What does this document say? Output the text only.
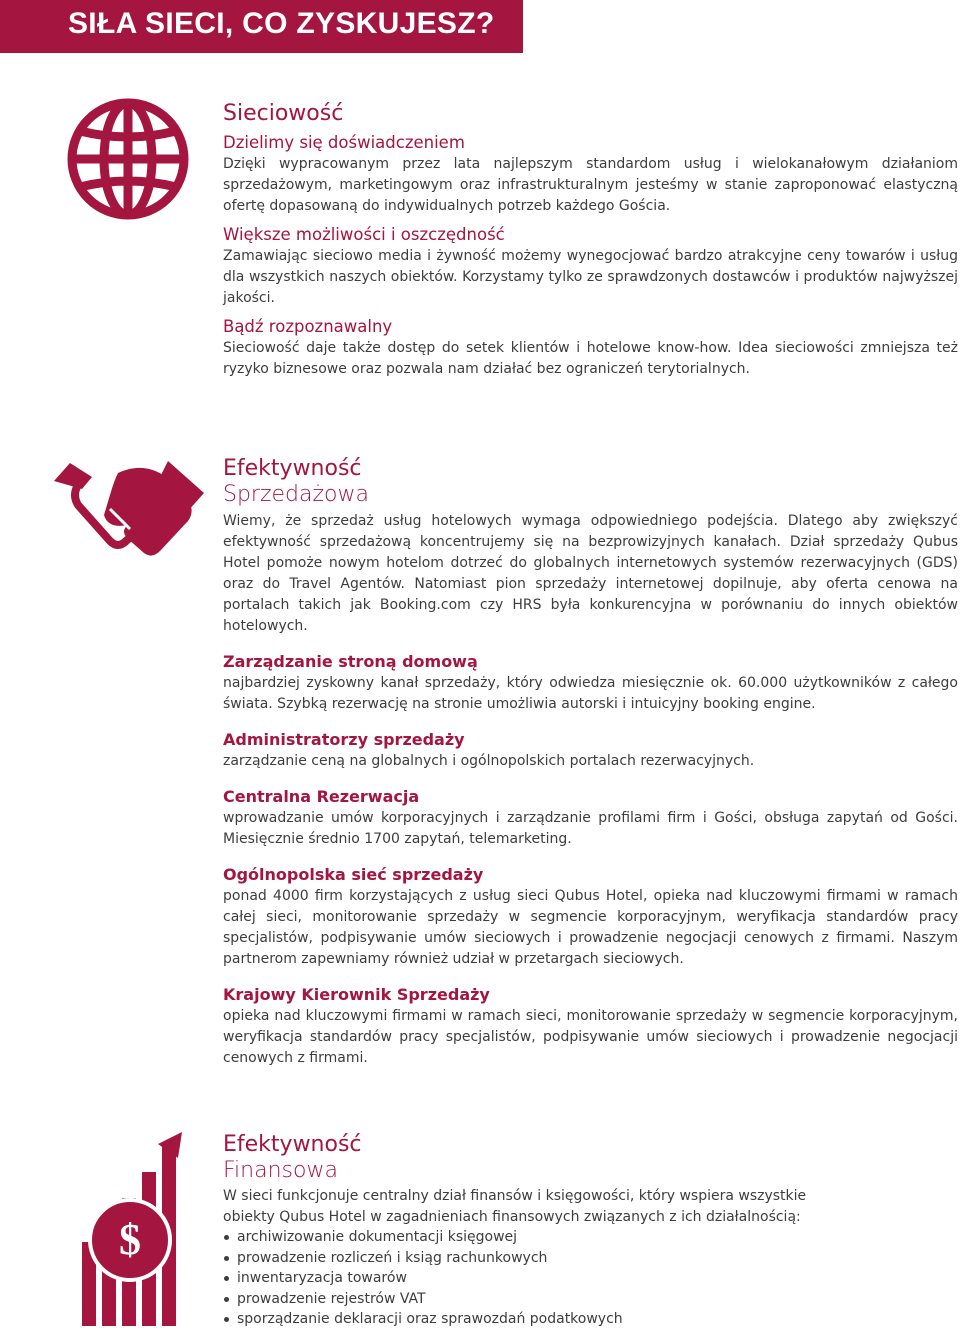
SIŁA SIECI, CO ZYSKUJESZ?
$
Sieciowość
Dzielimy się doświadczeniem

Dzięki wypracowanym przez lata najlepszym standardom usług i wielokanałowym działaniom sprzedażowym, marketingowym oraz infrastrukturalnym jesteśmy w stanie zaproponować elastyczną ofertę dopasowaną do indywidualnych potrzeb każdego Gościa.

Większe możliwości i oszczędność

Zamawiając sieciowo media i żywność możemy wynegocjować bardzo atrakcyjne ceny towarów i usług dla wszystkich naszych obiektów. Korzystamy tylko ze sprawdzonych dostawców i produktów najwyższej jakości.

Bądź rozpoznawalny

Sieciowość daje także dostęp do setek klientów i hotelowe know-how. Idea sieciowości zmniejsza też ryzyko biznesowe oraz pozwala nam działać bez ograniczeń terytorialnych.

Efektywność
Sprzedażowa

Wiemy, że sprzedaż usług hotelowych wymaga odpowiedniego podejścia. Dlatego aby zwiększyć efektywność sprzedażową koncentrujemy się na bezprowizyjnych kanałach. Dział sprzedaży Qubus Hotel pomoże nowym hotelom dotrzeć do globalnych internetowych systemów rezerwacyjnych (GDS) oraz do Travel Agentów. Natomiast pion sprzedaży internetowej dopilnuje, aby oferta cenowa na portalach takich jak Booking.com czy HRS była konkurencyjna w porównaniu do innych obiektów hotelowych.

Zarządzanie stroną domową

najbardziej zyskowny kanał sprzedaży, który odwiedza miesięcznie ok. 60.000 użytkowników z całego świata. Szybką rezerwację na stronie umożliwia autorski i intuicyjny booking engine.

Administratorzy sprzedaży

zarządzanie ceną na globalnych i ogólnopolskich portalach rezerwacyjnych.

Centralna Rezerwacja

wprowadzanie umów korporacyjnych i zarządzanie profilami firm i Gości, obsługa zapytań od Gości. Miesięcznie średnio 1700 zapytań, telemarketing.

Ogólnopolska sieć sprzedaży

ponad 4000 firm korzystających z usług sieci Qubus Hotel, opieka nad kluczowymi firmami w ramach całej sieci, monitorowanie sprzedaży w segmencie korporacyjnym, weryfikacja standardów pracy specjalistów, podpisywanie umów sieciowych i prowadzenie negocjacji cenowych z firmami. Naszym partnerom zapewniamy również udział w przetargach sieciowych.

Krajowy Kierownik Sprzedaży

opieka nad kluczowymi firmami w ramach sieci, monitorowanie sprzedaży w segmencie korporacyjnym, weryfikacja standardów pracy specjalistów, podpisywanie umów sieciowych i prowadzenie negocjacji cenowych z firmami.

Efektywność
Finansowa

W sieci funkcjonuje centralny dział finansów i księgowości, który wspiera wszystkie obiekty Qubus Hotel w zagadnieniach finansowych związanych z ich działalnością:

archiwizowanie dokumentacji księgowej
prowadzenie rozliczeń i ksiąg rachunkowych
inwentaryzacja towarów
prowadzenie rejestrów VAT
sporządzanie deklaracji oraz sprawozdań podatkowych
